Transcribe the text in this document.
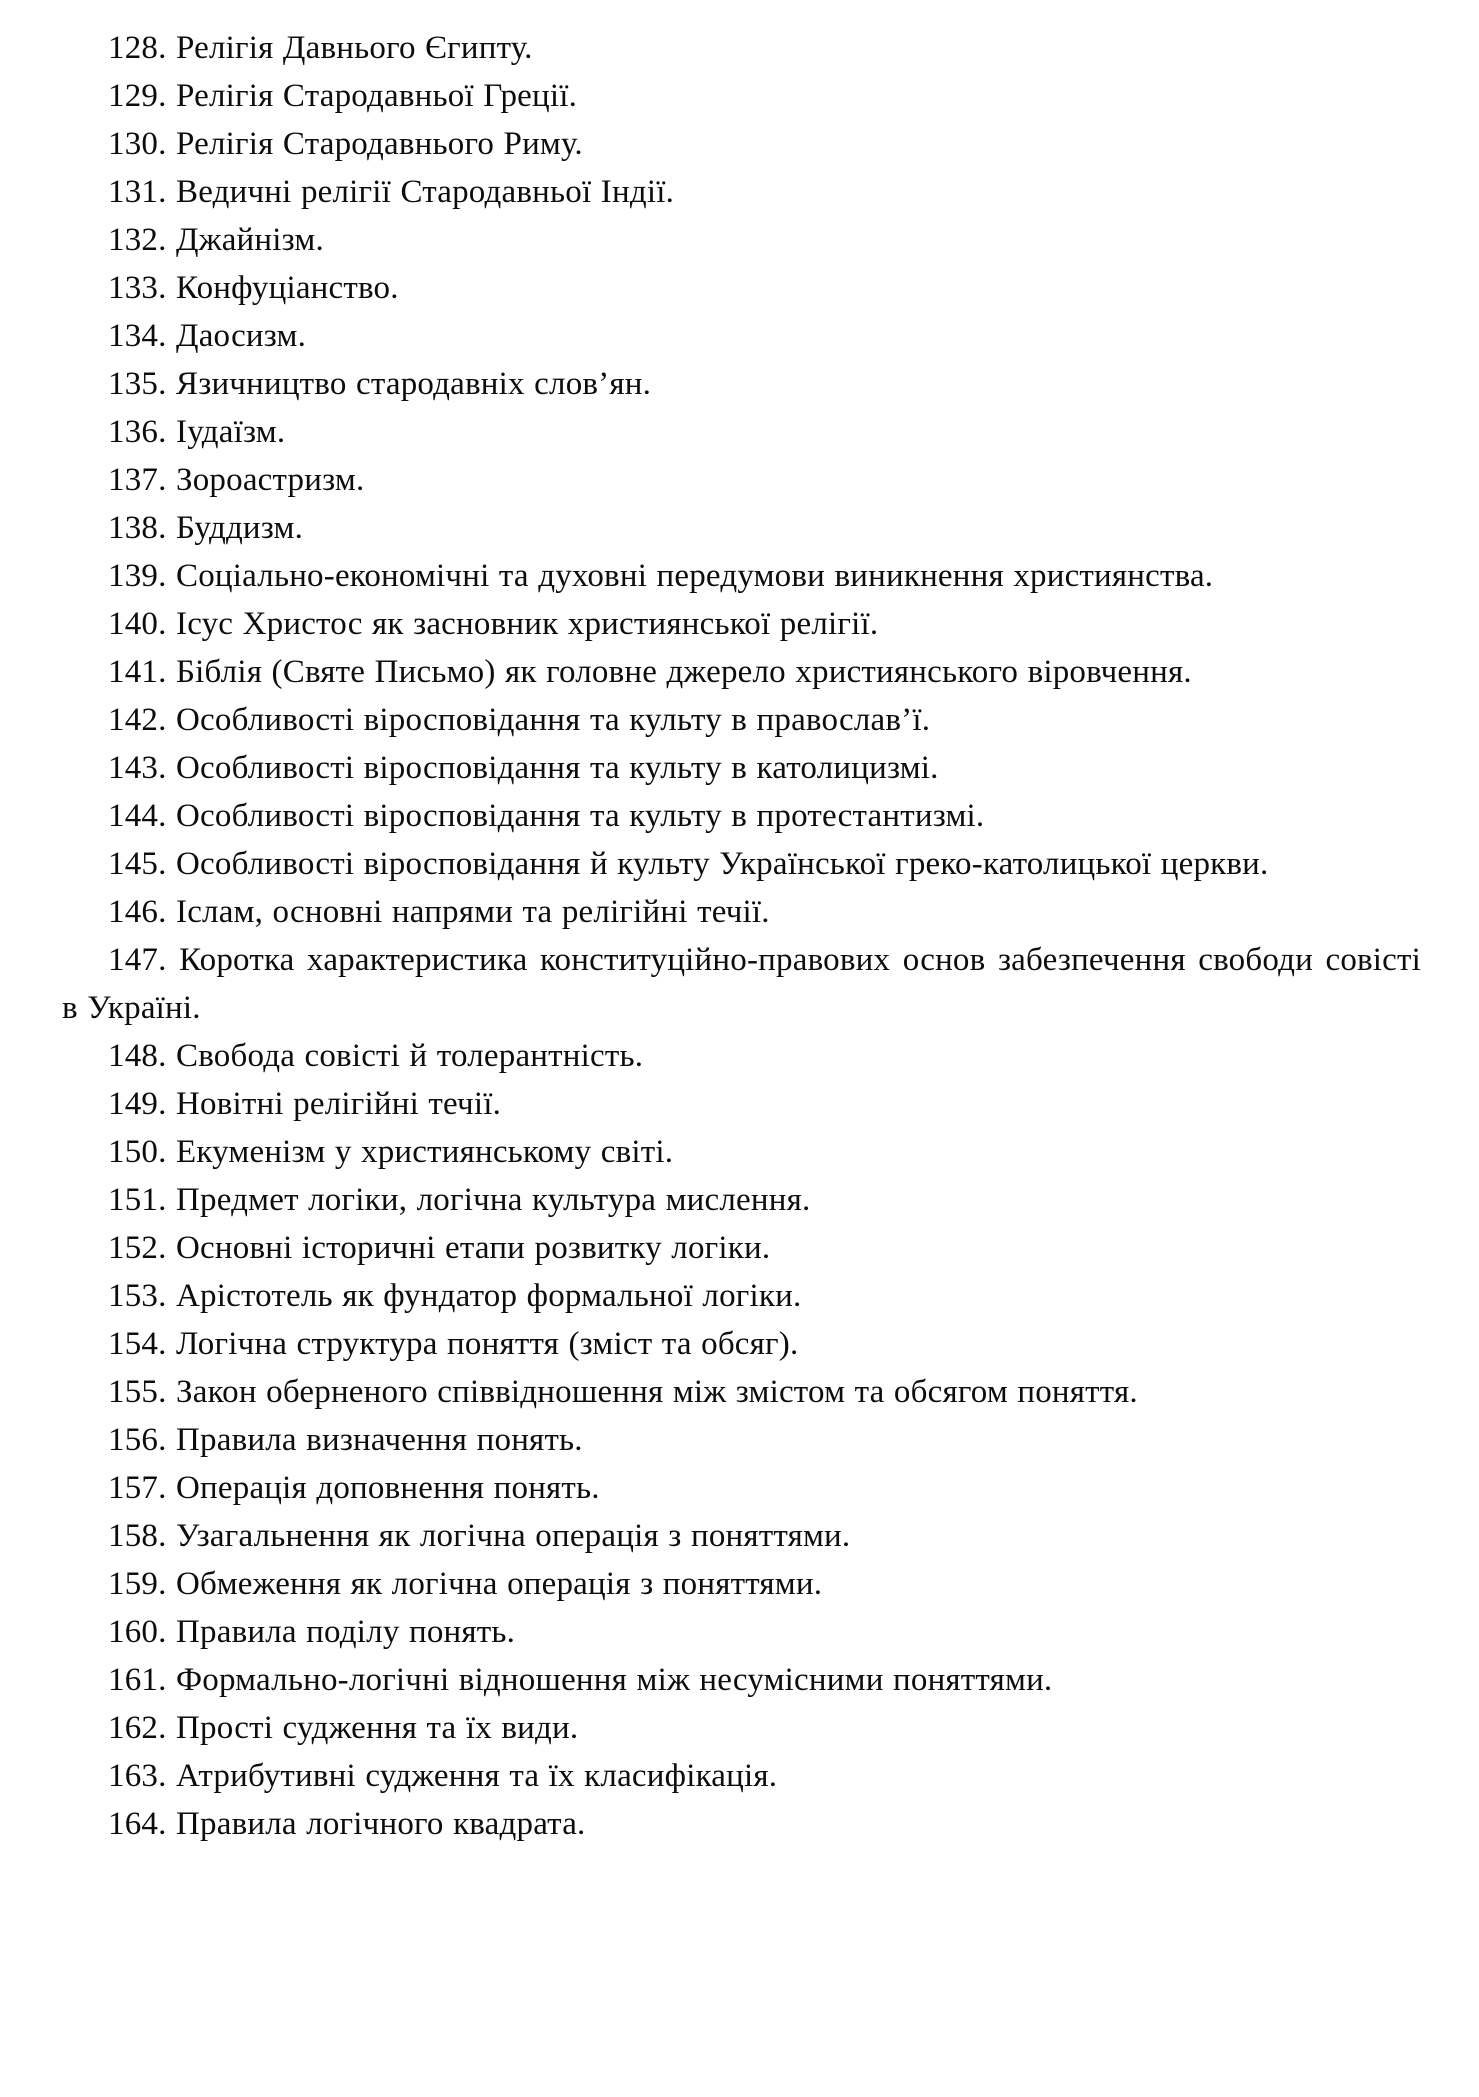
128. Релігія Давнього Єгипту.

129. Релігія Стародавньої Греції.

130. Релігія Стародавнього Риму.

131. Ведичні релігії Стародавньої Індії.

132. Джайнізм.

133. Конфуціанство.

134. Даосизм.

135. Язичництво стародавніх слов’ян.

136. Іудаїзм.

137. Зороастризм.

138. Буддизм.

139. Соціально-економічні та духовні передумови виникнення християнства.

140. Ісус Христос як засновник християнської релігії.

141. Біблія (Святе Письмо) як головне джерело християнського віровчення.

142. Особливості віросповідання та культу в православ’ї.

143. Особливості віросповідання та культу в католицизмі.

144. Особливості віросповідання та культу в протестантизмі.

145. Особливості віросповідання й культу Української греко-католицької церкви.

146. Іслам, основні напрями та релігійні течії.

147. Коротка характеристика конституційно-правових основ забезпечення свободи совісті в Україні.

148. Свобода совісті й толерантність.

149. Новітні релігійні течії.

150. Екуменізм у християнському світі.

151. Предмет логіки, логічна культура мислення.

152. Основні історичні етапи розвитку логіки.

153. Арістотель як фундатор формальної логіки.

154. Логічна структура поняття (зміст та обсяг).

155. Закон оберненого співвідношення між змістом та обсягом поняття.

156. Правила визначення понять.

157. Операція доповнення понять.

158. Узагальнення як логічна операція з поняттями.

159. Обмеження як логічна операція з поняттями.

160. Правила поділу понять.

161. Формально-логічні відношення між несумісними поняттями.

162. Прості судження та їх види.

163. Атрибутивні судження та їх класифікація.

164. Правила логічного квадрата.
